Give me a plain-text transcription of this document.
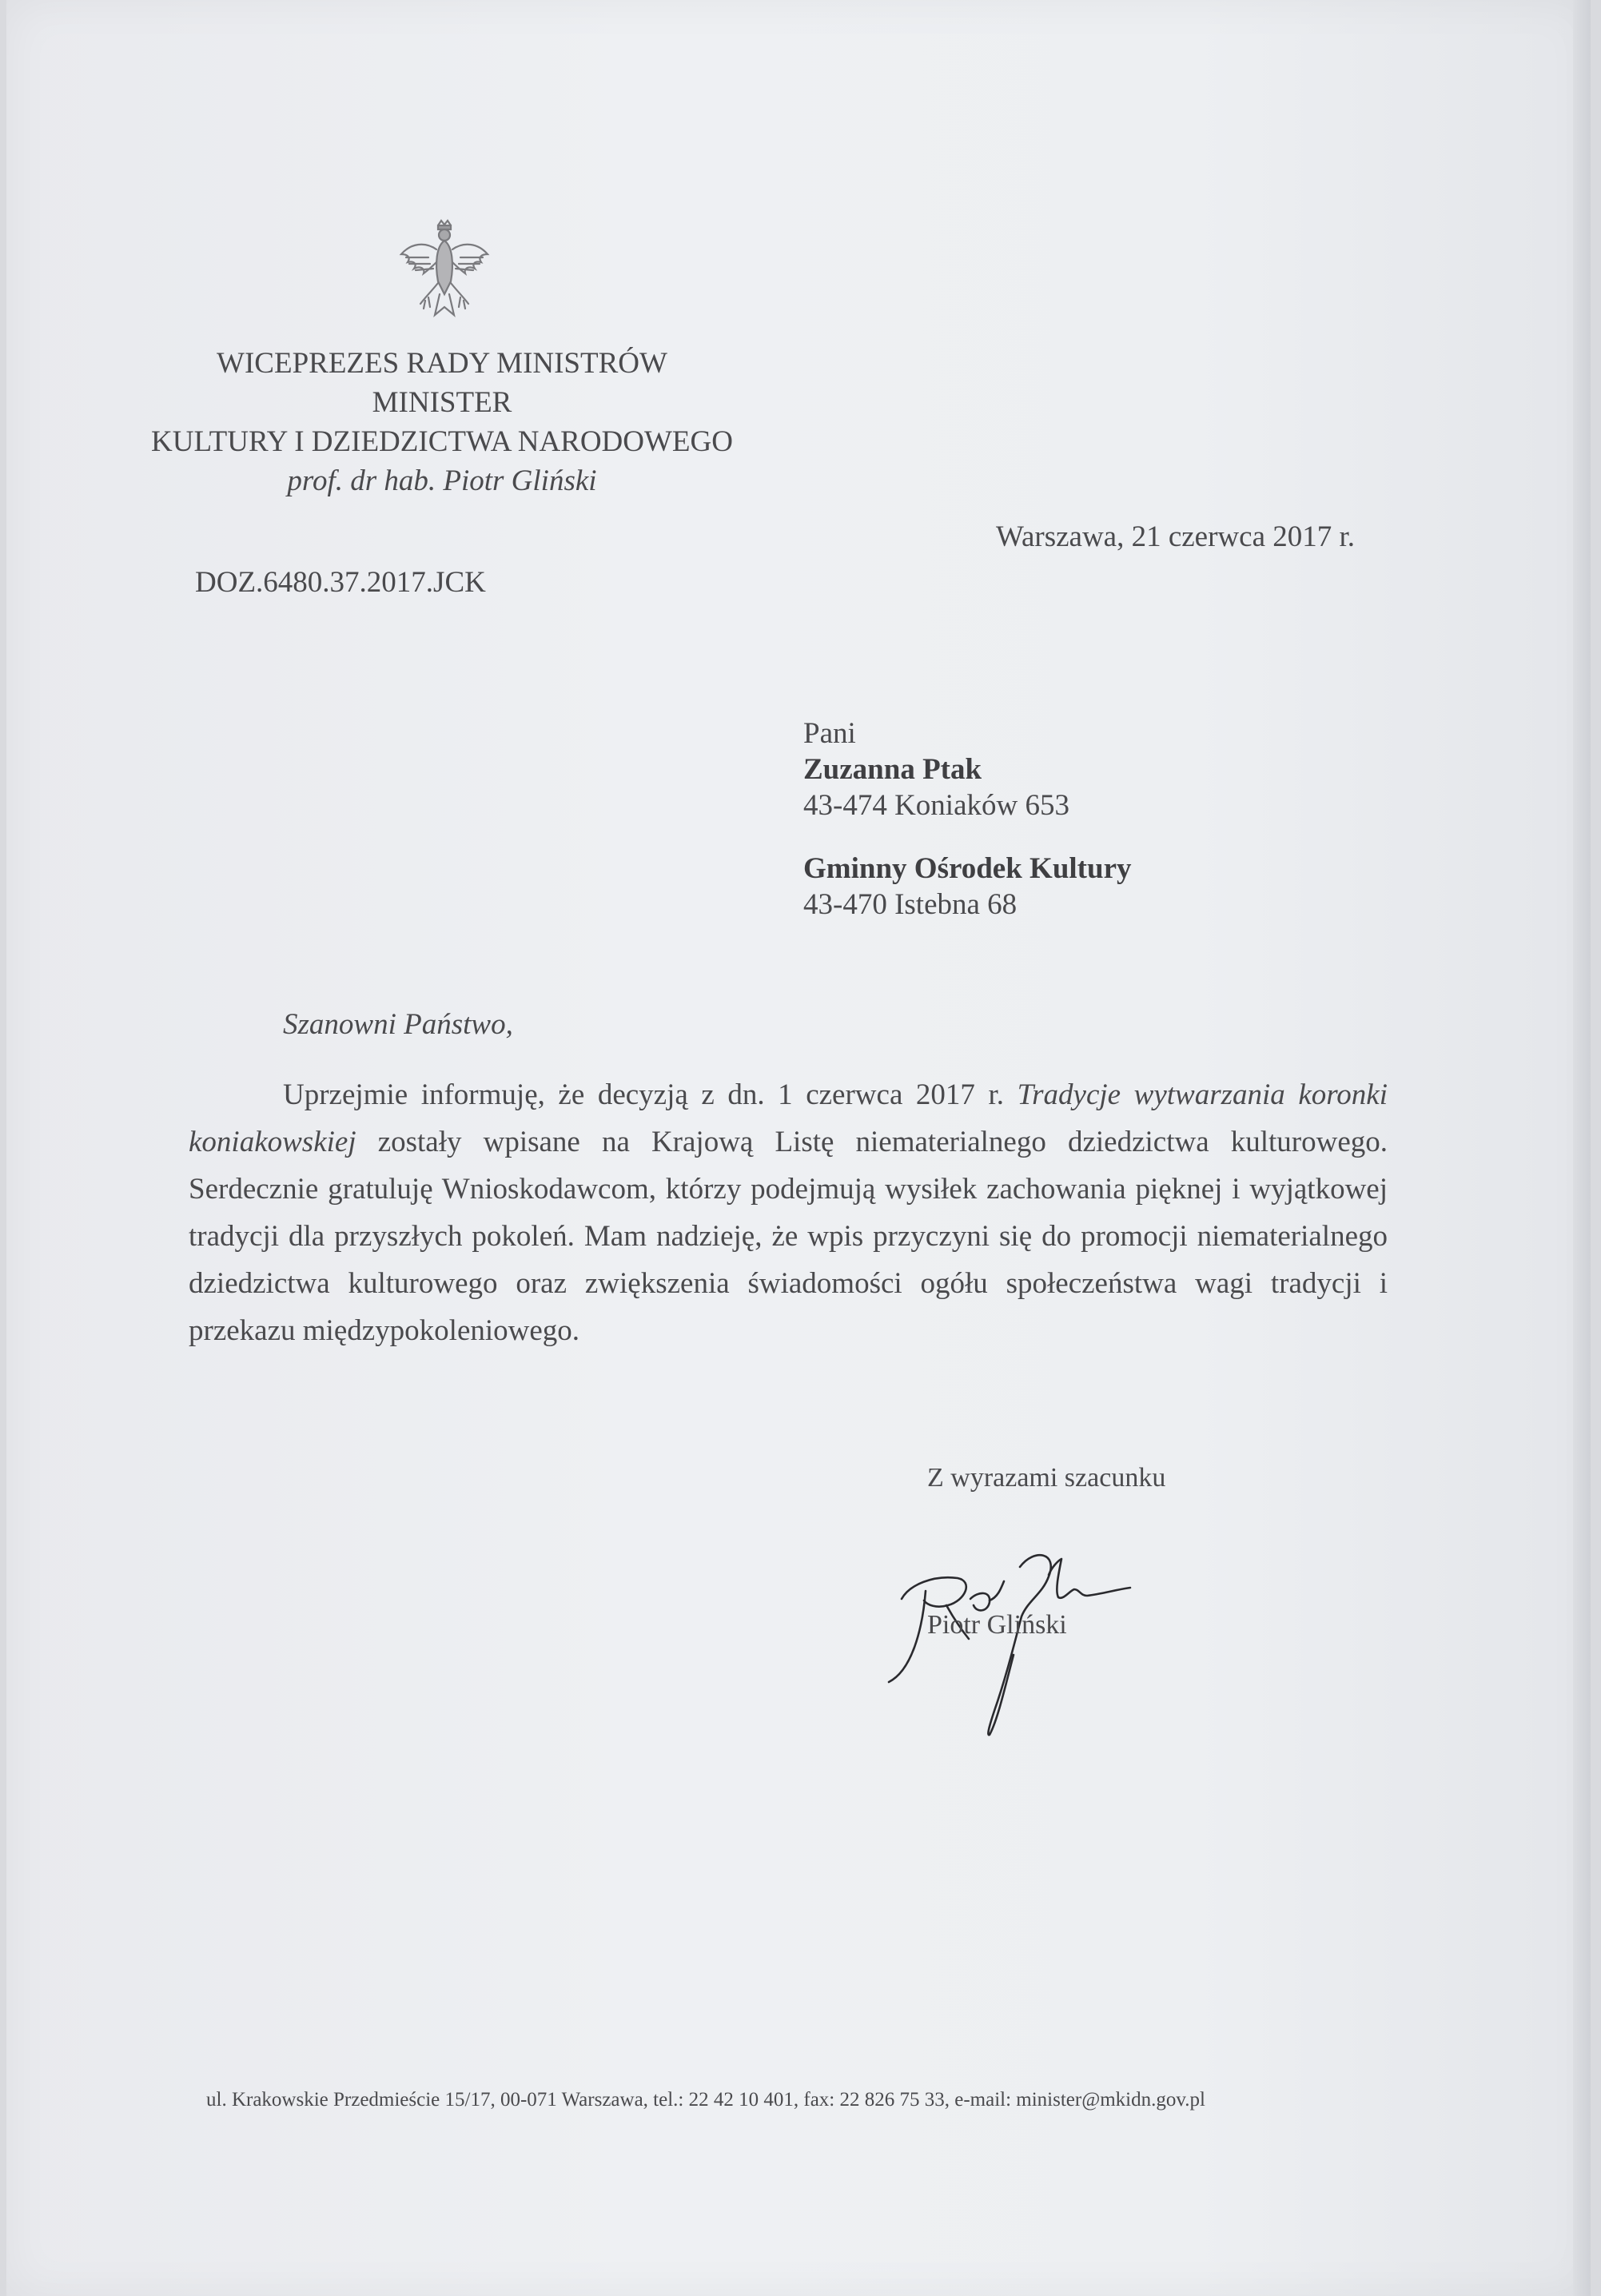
WICEPREZES RADY MINISTRÓW
MINISTER
KULTURY I DZIEDZICTWA NARODOWEGO
prof. dr hab. Piotr Gliński
Warszawa, 21 czerwca 2017 r.
DOZ.6480.37.2017.JCK
Pani
Zuzanna Ptak
43-474 Koniaków 653
Gminny Ośrodek Kultury
43-470 Istebna 68
Szanowni Państwo,
Uprzejmie informuję, że decyzją z dn. 1 czerwca 2017 r. Tradycje wytwarzania koronki koniakowskiej zostały wpisane na Krajową Listę niematerialnego dziedzictwa kulturowego. Serdecznie gratuluję Wnioskodawcom, którzy podejmują wysiłek zachowania pięknej i wyjątkowej tradycji dla przyszłych pokoleń. Mam nadzieję, że wpis przyczyni się do promocji niematerialnego dziedzictwa kulturowego oraz zwiększenia świadomości ogółu społeczeństwa wagi tradycji i przekazu międzypokoleniowego.
Z wyrazami szacunku
Piotr Gliński
ul. Krakowskie Przedmieście 15/17, 00-071 Warszawa, tel.: 22 42 10 401, fax: 22 826 75 33, e-mail: minister@mkidn.gov.pl
